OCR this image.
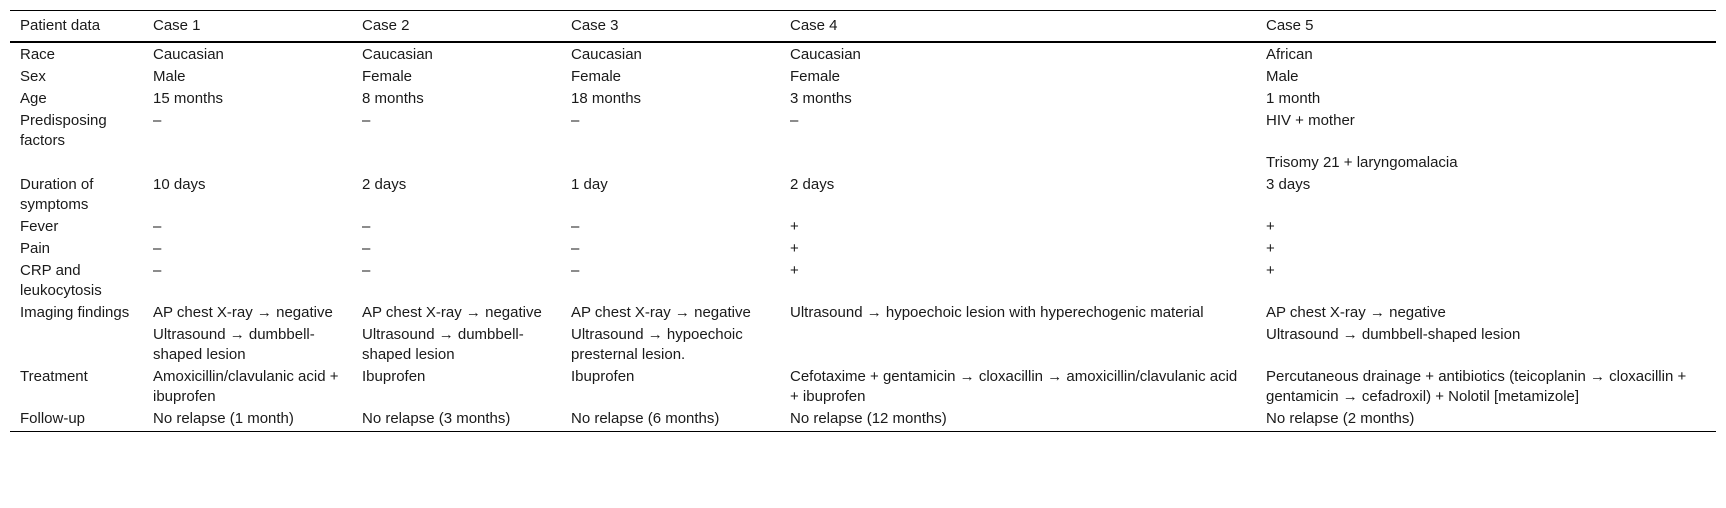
Patient data	Case 1	Case 2	Case 3	Case 4	Case 5
Race	Caucasian	Caucasian	Caucasian	Caucasian	African
Sex	Male	Female	Female	Female	Male
Age	15 months	8 months	18 months	3 months	1 month
Predisposing factors	–	–	–	–	HIV + mother
					Trisomy 21 + laryngomalacia
Duration of symptoms	10 days	2 days	1 day	2 days	3 days
Fever	–	–	–	+	+
Pain	–	–	–	+	+
CRP and leukocytosis	–	–	–	+	+
Imaging findings	AP chest X-ray → negative	AP chest X-ray → negative	AP chest X-ray → negative	Ultrasound → hypoechoic lesion with hyperechogenic material	AP chest X-ray → negative
	Ultrasound → dumbbell-shaped lesion	Ultrasound → dumbbell-shaped lesion	Ultrasound → hypoechoic presternal lesion.		Ultrasound → dumbbell-shaped lesion
Treatment	Amoxicillin/clavulanic acid + ibuprofen	Ibuprofen	Ibuprofen	Cefotaxime + gentamicin → cloxacillin → amoxicillin/clavulanic acid + ibuprofen	Percutaneous drainage + antibiotics (teicoplanin → cloxacillin + gentamicin → cefadroxil) + Nolotil [metamizole]
Follow-up	No relapse (1 month)	No relapse (3 months)	No relapse (6 months)	No relapse (12 months)	No relapse (2 months)
